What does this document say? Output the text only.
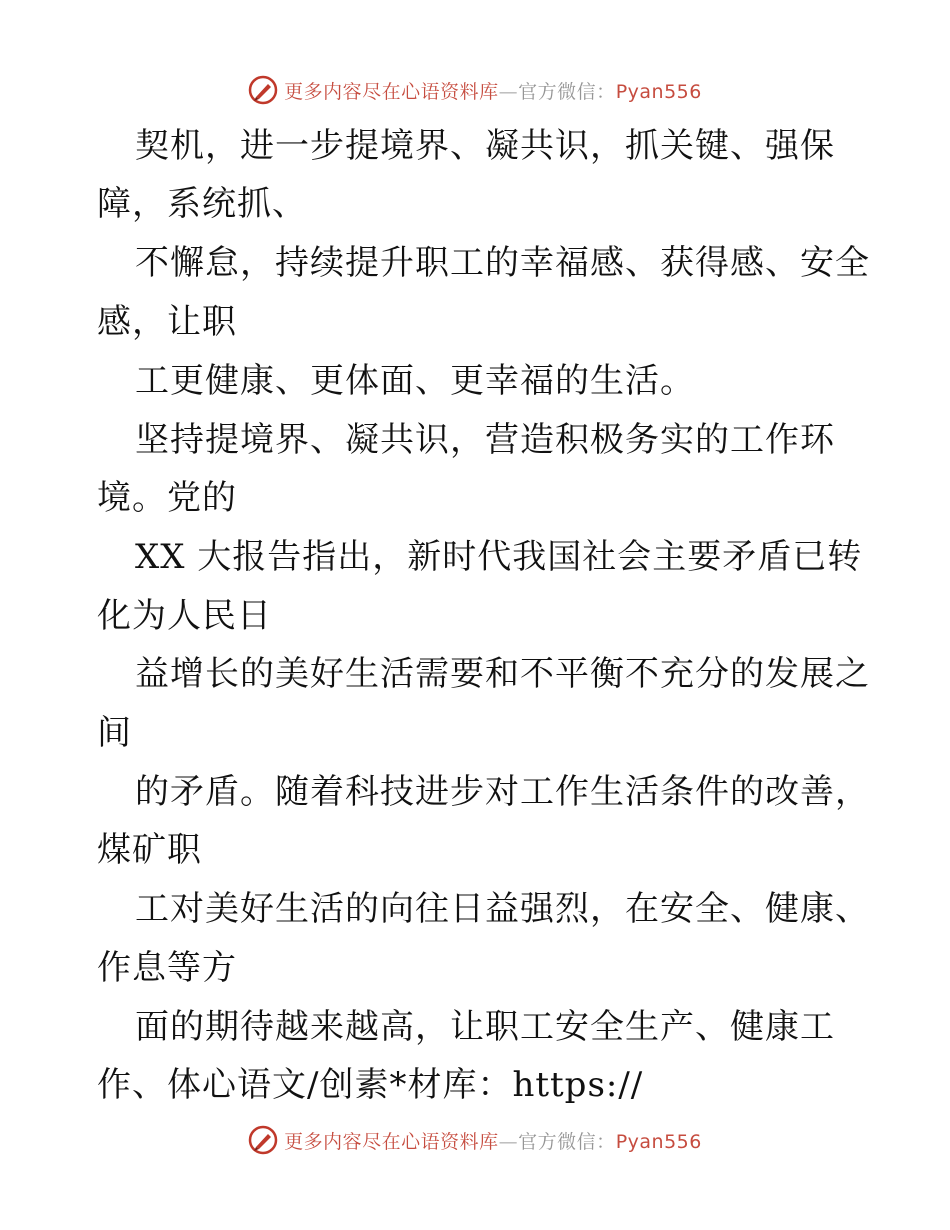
更多内容尽在心语资料库—官方微信：Pyan556
契机，进一步提境界、凝共识，抓关键、强保
障，系统抓、
不懈怠，持续提升职工的幸福感、获得感、安全
感，让职
工更健康、更体面、更幸福的生活。
坚持提境界、凝共识，营造积极务实的工作环
境。党的
XX 大报告指出，新时代我国社会主要矛盾已转
化为人民日
益增长的美好生活需要和不平衡不充分的发展之
间
的矛盾。随着科技进步对工作生活条件的改善，
煤矿职
工对美好生活的向往日益强烈，在安全、健康、
作息等方
面的期待越来越高，让职工安全生产、健康工
作、体心语文/创素*材库：https://
更多内容尽在心语资料库—官方微信：Pyan556
